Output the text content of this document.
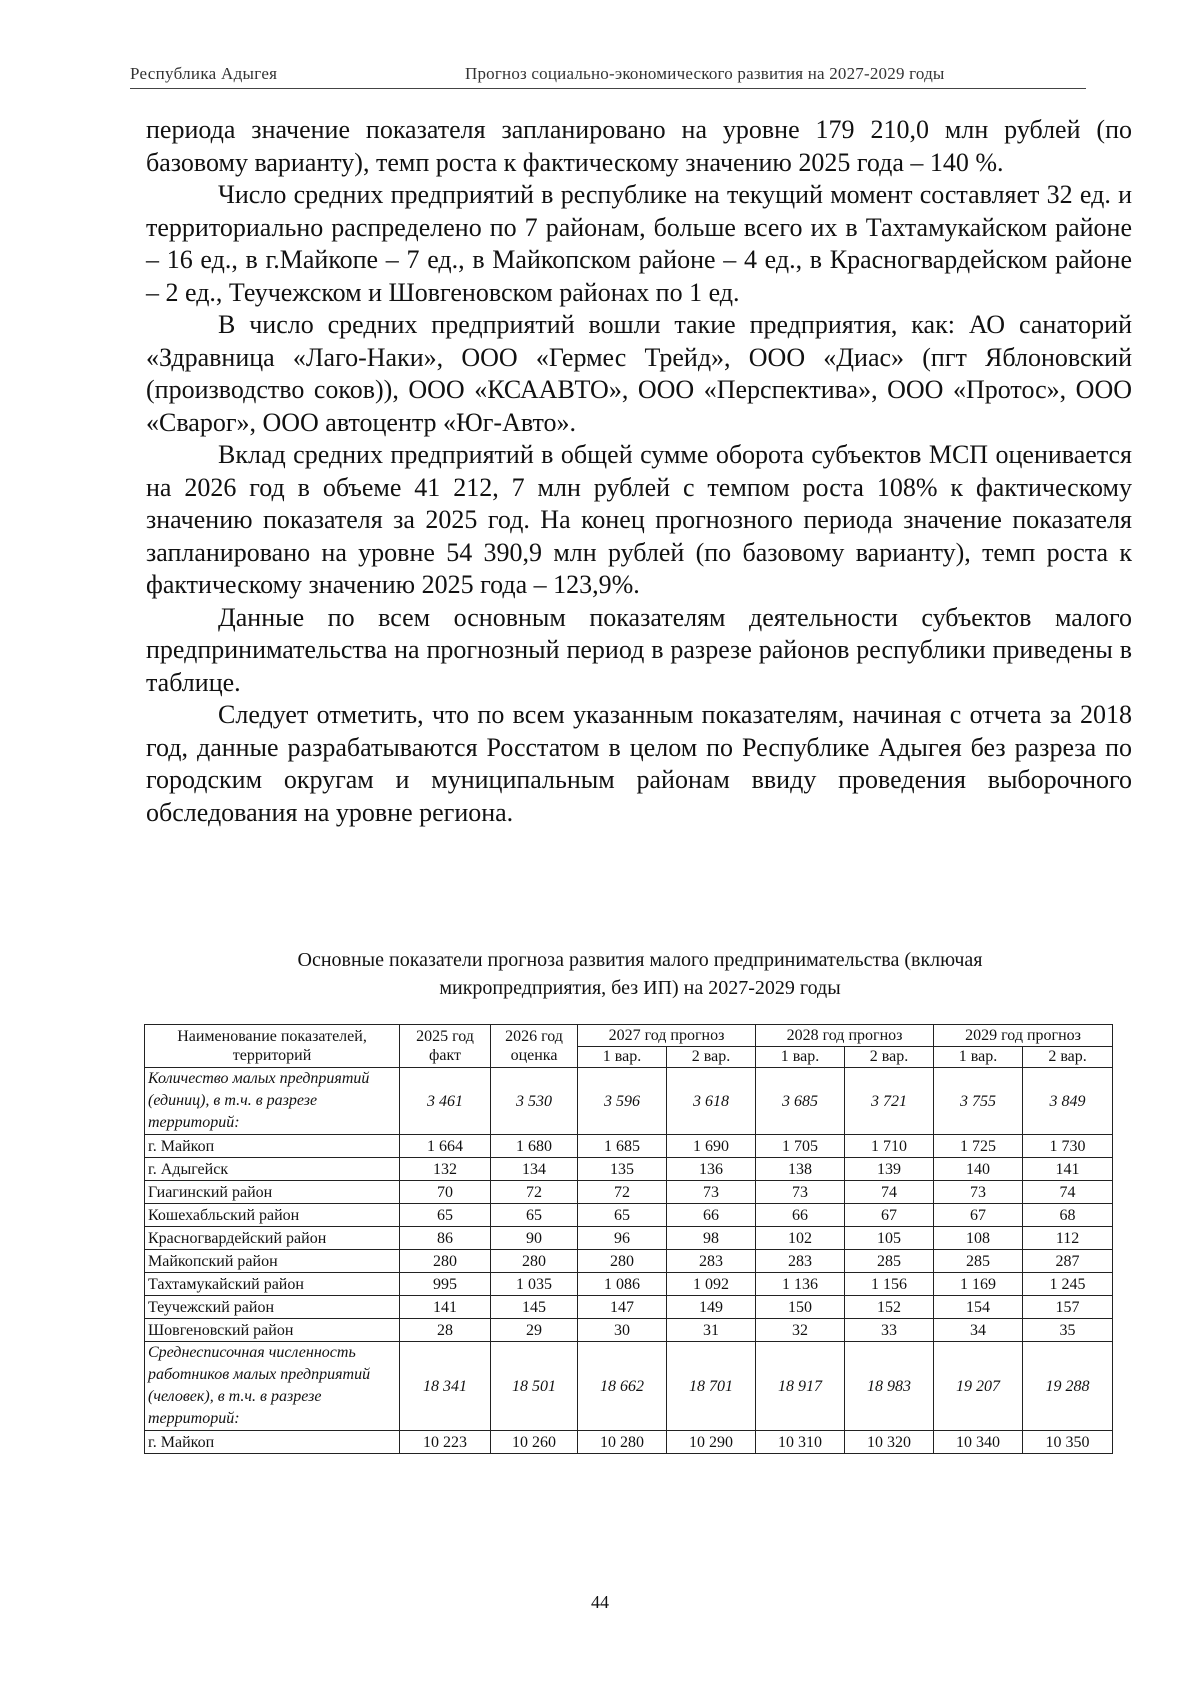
Республика Адыгея	Прогноз социально-экономического развития на 2027-2029 годы

периода значение показателя запланировано на уровне 179 210,0 млн рублей (по базовому варианту), темп роста к фактическому значению 2025 года – 140 %.

Число средних предприятий в республике на текущий момент составляет 32 ед. и территориально распределено по 7 районам, больше всего их в Тахтамукайском районе – 16 ед., в г.Майкопе – 7 ед., в Майкопском районе – 4 ед., в Красногвардейском районе – 2 ед., Теучежском и Шовгеновском районах по 1 ед.

В число средних предприятий вошли такие предприятия, как: АО санаторий «Здравница «Лаго-Наки», ООО «Гермес Трейд», ООО «Диас» (пгт Яблоновский (производство соков)), ООО «КСААВТО», ООО «Перспектива», ООО «Протос», ООО «Сварог», ООО автоцентр «Юг-Авто».

Вклад средних предприятий в общей сумме оборота субъектов МСП оценивается на 2026 год в объеме 41 212, 7 млн рублей с темпом роста 108% к фактическому значению показателя за 2025 год. На конец прогнозного периода значение показателя запланировано на уровне 54 390,9 млн рублей (по базовому варианту), темп роста к фактическому значению 2025 года – 123,9%.

Данные по всем основным показателям деятельности субъектов малого предпринимательства на прогнозный период в разрезе районов республики приведены в таблице.

Следует отметить, что по всем указанным показателям, начиная с отчета за 2018 год, данные разрабатываются Росстатом в целом по Республике Адыгея без разреза по городским округам и муниципальным районам ввиду проведения выборочного обследования на уровне региона.

Основные показатели прогноза развития малого предпринимательства (включая микропредприятия, без ИП) на 2027-2029 годы
Наименование показателей, территорий	2025 год факт	2026 год оценка	2027 год прогноз		2028 год прогноз		2029 год прогноз	
			1 вар.	2 вар.	1 вар.	2 вар.	1 вар.	2 вар.
Количество малых предприятий (единиц), в т.ч. в разрезе территорий:	3 461	3 530	3 596	3 618	3 685	3 721	3 755	3 849
г. Майкоп	1 664	1 680	1 685	1 690	1 705	1 710	1 725	1 730
г. Адыгейск	132	134	135	136	138	139	140	141
Гиагинский район	70	72	72	73	73	74	73	74
Кошехабльский район	65	65	65	66	66	67	67	68
Красногвардейский район	86	90	96	98	102	105	108	112
Майкопский район	280	280	280	283	283	285	285	287
Тахтамукайский район	995	1 035	1 086	1 092	1 136	1 156	1 169	1 245
Теучежский район	141	145	147	149	150	152	154	157
Шовгеновский район	28	29	30	31	32	33	34	35
Среднесписочная численность работников малых предприятий (человек), в т.ч. в разрезе территорий:	18 341	18 501	18 662	18 701	18 917	18 983	19 207	19 288
г. Майкоп	10 223	10 260	10 280	10 290	10 310	10 320	10 340	10 350
44
